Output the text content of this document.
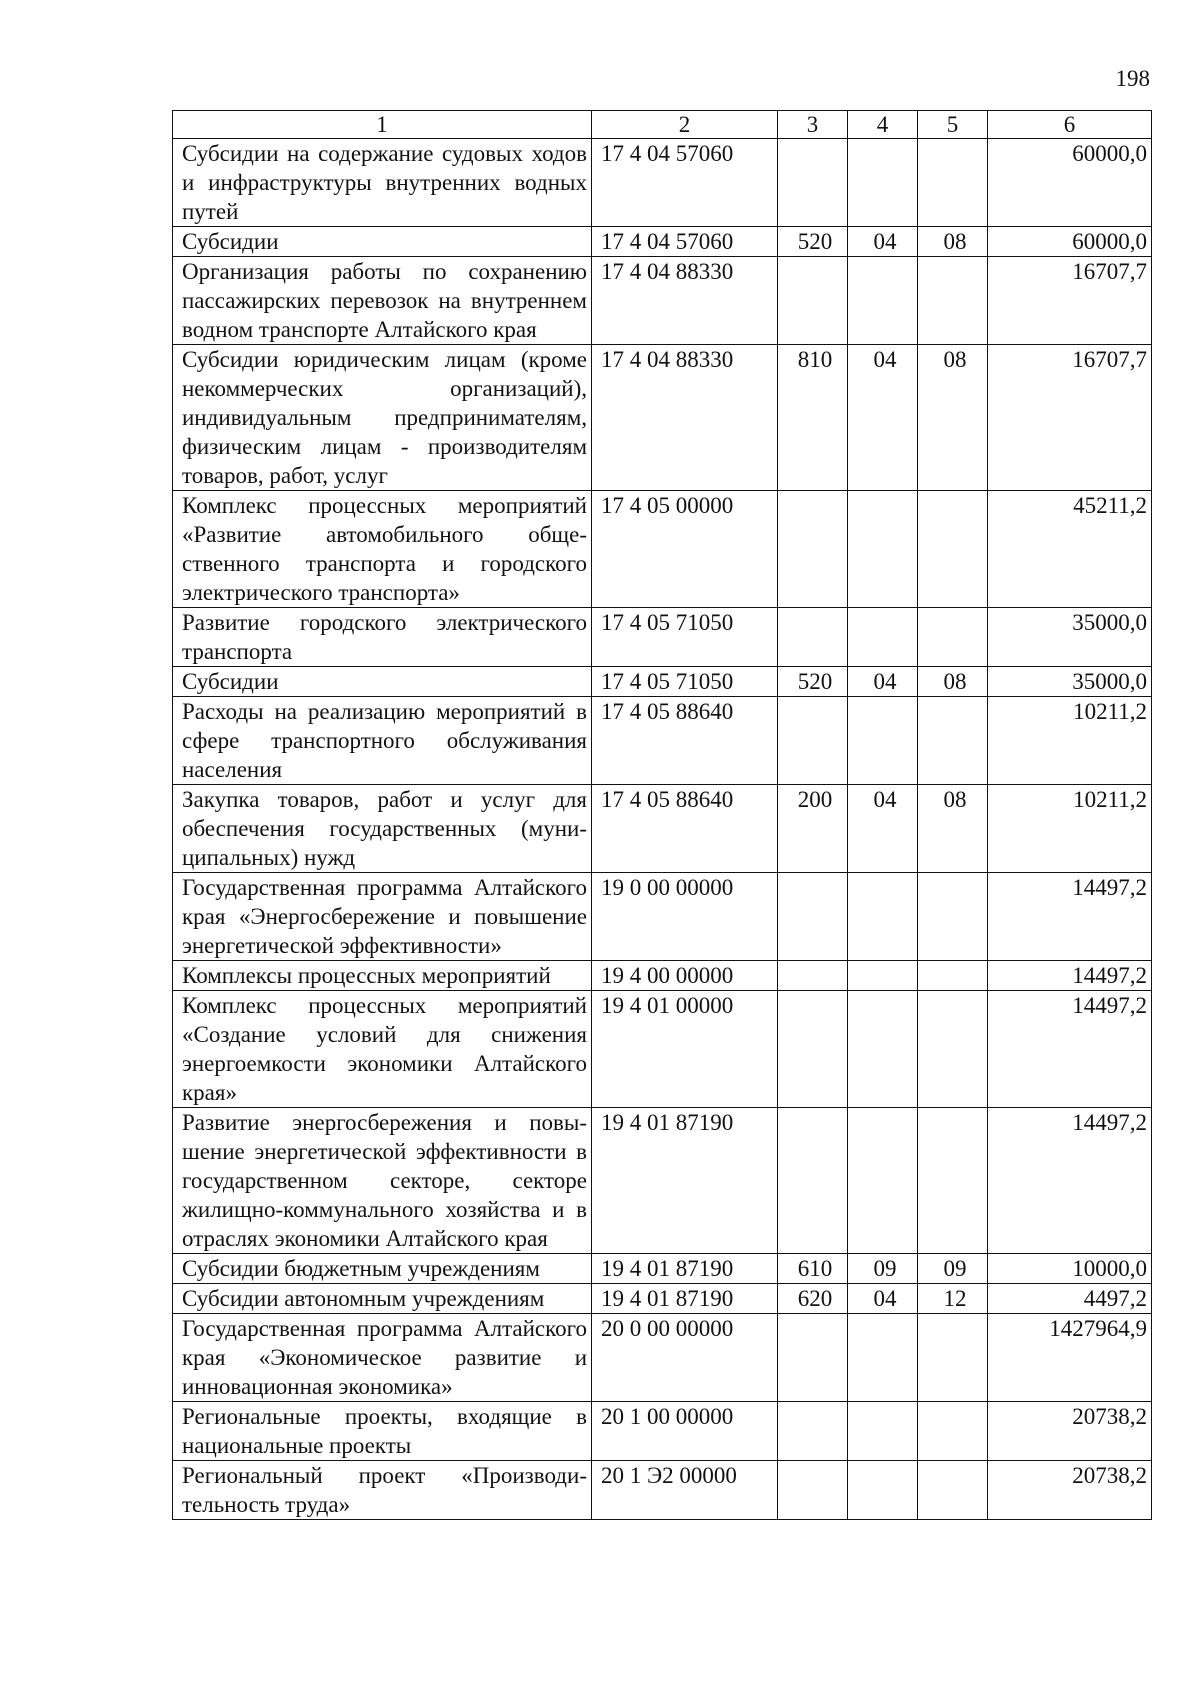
198
1	2	3	4	5	6
Субсидии на содержание судовых ходов и инфраструктуры внутренних водных путей	17 4 04 57060				60000,0
Субсидии	17 4 04 57060	520	04	08	60000,0
Организация работы по сохранению пассажирских перевозок на внутреннем водном транспорте Алтайского края	17 4 04 88330				16707,7
Субсидии юридическим лицам (кроме некоммерческих организаций), индивидуальным предпринимателям, физическим лицам - производителям товаров, работ, услуг	17 4 04 88330	810	04	08	16707,7
Комплекс процессных мероприятий «Развитие автомобильного общественного транспорта и городского электрического транспорта»	17 4 05 00000				45211,2
Развитие городского электрического транспорта	17 4 05 71050				35000,0
Субсидии	17 4 05 71050	520	04	08	35000,0
Расходы на реализацию мероприятий в сфере транспортного обслуживания населения	17 4 05 88640				10211,2
Закупка товаров, работ и услуг для обеспечения государственных (муниципальных) нужд	17 4 05 88640	200	04	08	10211,2
Государственная программа Алтайского края «Энергосбережение и повышение энергетической эффективности»	19 0 00 00000				14497,2
Комплексы процессных мероприятий	19 4 00 00000				14497,2
Комплекс процессных мероприятий «Создание условий для снижения энергоемкости экономики Алтайского края»	19 4 01 00000				14497,2
Развитие энергосбережения и повышение энергетической эффективности в государственном секторе, секторе жилищно-коммунального хозяйства и в отраслях экономики Алтайского края	19 4 01 87190				14497,2
Субсидии бюджетным учреждениям	19 4 01 87190	610	09	09	10000,0
Субсидии автономным учреждениям	19 4 01 87190	620	04	12	4497,2
Государственная программа Алтайского края «Экономическое развитие и инновационная экономика»	20 0 00 00000				1427964,9
Региональные проекты, входящие в национальные проекты	20 1 00 00000				20738,2
Региональный проект «Производительность труда»	20 1 Э2 00000				20738,2
